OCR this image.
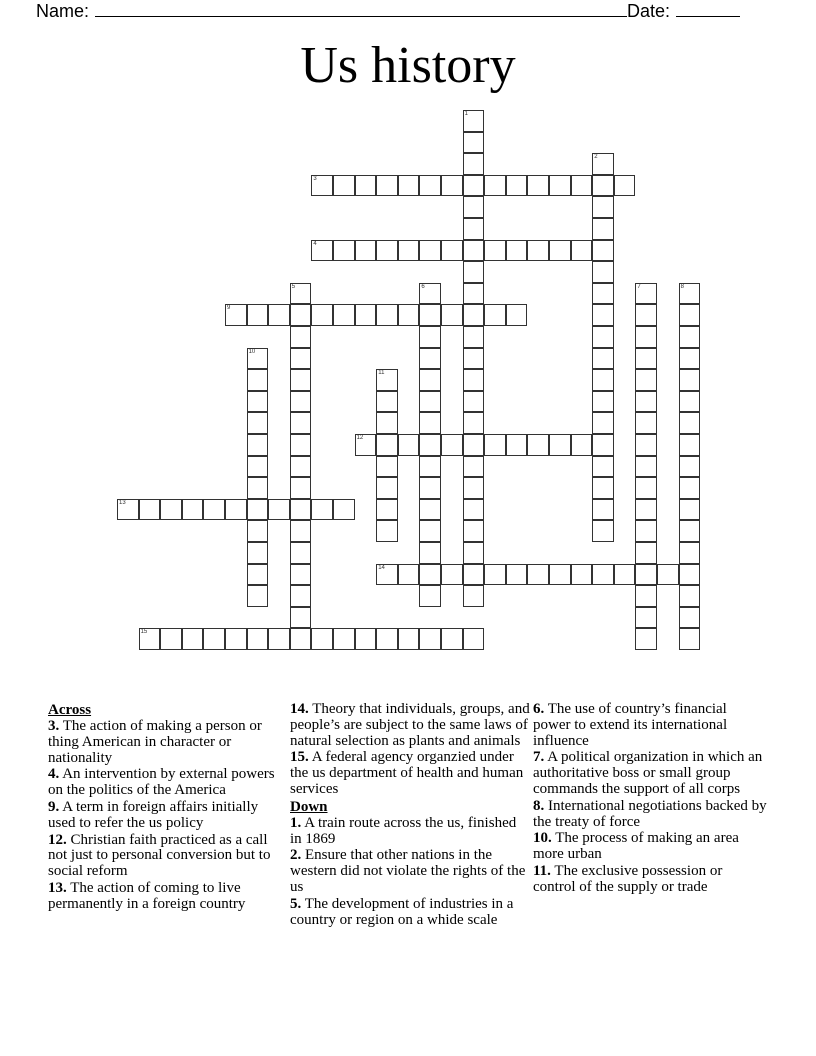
Name:	Date:
Us history
1
2
3
4
5	6	7	8
9
10
11
12
13
14
15
Across
3. The action of making a person or thing American in character or nationality
4. An intervention by external powers on the politics of the America
9. A term in foreign affairs initially used to refer the us policy
12. Christian faith practiced as a call not just to personal conversion but to social reform
13. The action of coming to live permanently in a foreign country
14. Theory that individuals, groups, and people’s are subject to the same laws of natural selection as plants and animals
15. A federal agency organzied under the us department of health and human services
Down
1. A train route across the us, finished in 1869
2. Ensure that other nations in the western did not violate the rights of the us
5. The development of industries in a country or region on a whide scale
6. The use of country’s financial power to extend its international influence
7. A political organization in which an authoritative boss or small group commands the support of all corps
8. International negotiations backed by the treaty of force
10. The process of making an area more urban
11. The exclusive possession or control of the supply or trade
